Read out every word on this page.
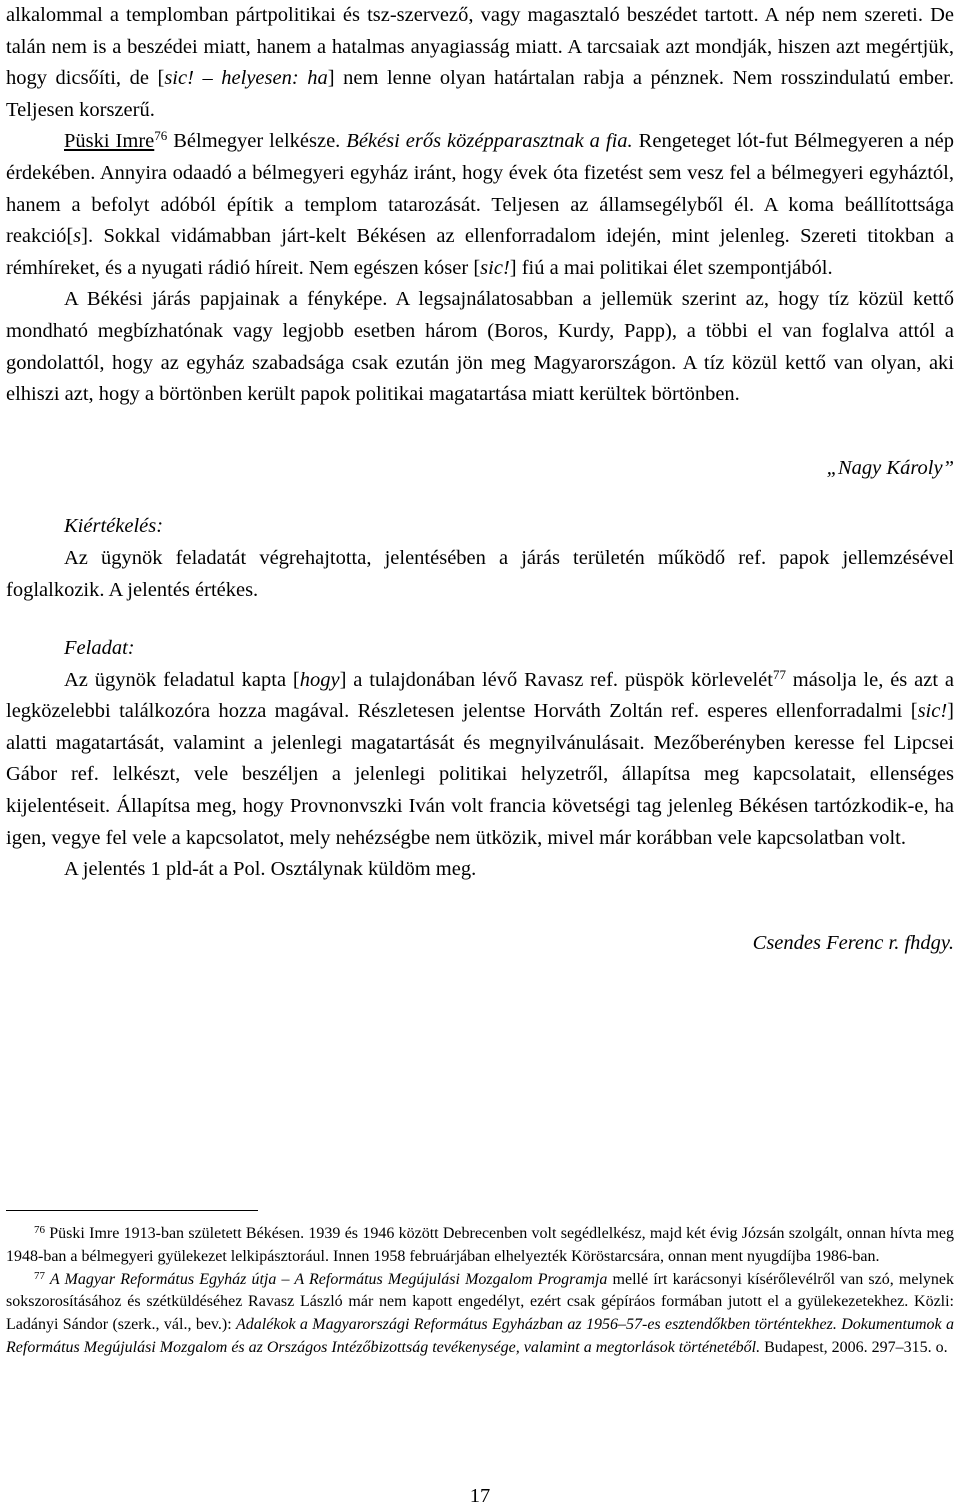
alkalommal a templomban pártpolitikai és tsz-szervező, vagy magasztaló beszédet tartott. A nép nem szereti. De talán nem is a beszédei miatt, hanem a hatalmas anyagiasság miatt. A tarcsaiak azt mondják, hiszen azt megértjük, hogy dicsőíti, de [sic! – helyesen: ha] nem lenne olyan határtalan rabja a pénznek. Nem rosszindulatú ember. Teljesen korszerű.

Püski Imre$^{76}$ Bélmegyer lelkésze. Békési erős középparasztnak a fia. Rengeteget lót-fut Bélmegyeren a nép érdekében. Annyira odaadó a bélmegyeri egyház iránt, hogy évek óta fizetést sem vesz fel a bélmegyeri egyháztól, hanem a befolyt adóból építik a templom tatarozását. Teljesen az államsegélyből él. A koma beállítottsága reakció[s]. Sokkal vidámabban járt-kelt Békésen az ellenforradalom idején, mint jelenleg. Szereti titokban a rémhíreket, és a nyugati rádió híreit. Nem egészen kóser [sic!] fiú a mai politikai élet szempontjából.

A Békési járás papjainak a fényképe. A legsajnálatosabban a jellemük szerint az, hogy tíz közül kettő mondható megbízhatónak vagy legjobb esetben három (Boros, Kurdy, Papp), a többi el van foglalva attól a gondolattól, hogy az egyház szabadsága csak ezután jön meg Magyarországon. A tíz közül kettő van olyan, aki elhiszi azt, hogy a börtönben került papok politikai magatartása miatt kerültek börtönben.

„Nagy Károly”

Kiértékelés:

Az ügynök feladatát végrehajtotta, jelentésében a járás területén működő ref. papok jellemzésével foglalkozik. A jelentés értékes.

Feladat:

Az ügynök feladatul kapta [hogy] a tulajdonában lévő Ravasz ref. püspök körlevelét$^{77}$ másolja le, és azt a legközelebbi találkozóra hozza magával. Részletesen jelentse Horváth Zoltán ref. esperes ellenforradalmi [sic!] alatti magatartását, valamint a jelenlegi magatartását és megnyilvánulásait. Mezőberényben keresse fel Lipcsei Gábor ref. lelkészt, vele beszéljen a jelenlegi politikai helyzetről, állapítsa meg kapcsolatait, ellenséges kijelentéseit. Állapítsa meg, hogy Provnonvszki Iván volt francia követségi tag jelenleg Békésen tartózkodik-e, ha igen, vegye fel vele a kapcsolatot, mely nehézségbe nem ütközik, mivel már korábban vele kapcsolatban volt.

A jelentés 1 pld-át a Pol. Osztálynak küldöm meg.

Csendes Ferenc r. fhdgy.

$^{76}$ Püski Imre 1913-ban született Békésen. 1939 és 1946 között Debrecenben volt segédlelkész, majd két évig Józsán szolgált, onnan hívta meg 1948-ban a bélmegyeri gyülekezet lelkipásztorául. Innen 1958 februárjában elhelyezték Köröstarcsára, onnan ment nyugdíjba 1986-ban.

$^{77}$ A Magyar Református Egyház útja – A Református Megújulási Mozgalom Programja mellé írt karácsonyi kísérőlevélről van szó, melynek sokszorosításához és szétküldéséhez Ravasz László már nem kapott engedélyt, ezért csak gépíráos formában jutott el a gyülekezetekhez. Közli: Ladányi Sándor (szerk., vál., bev.): Adalékok a Magyarországi Református Egyházban az 1956–57-es esztendőkben történtekhez. Dokumentumok a Református Megújulási Mozgalom és az Országos Intézőbizottság tevékenysége, valamint a megtorlások történetéből. Budapest, 2006. 297–315. o.

17
